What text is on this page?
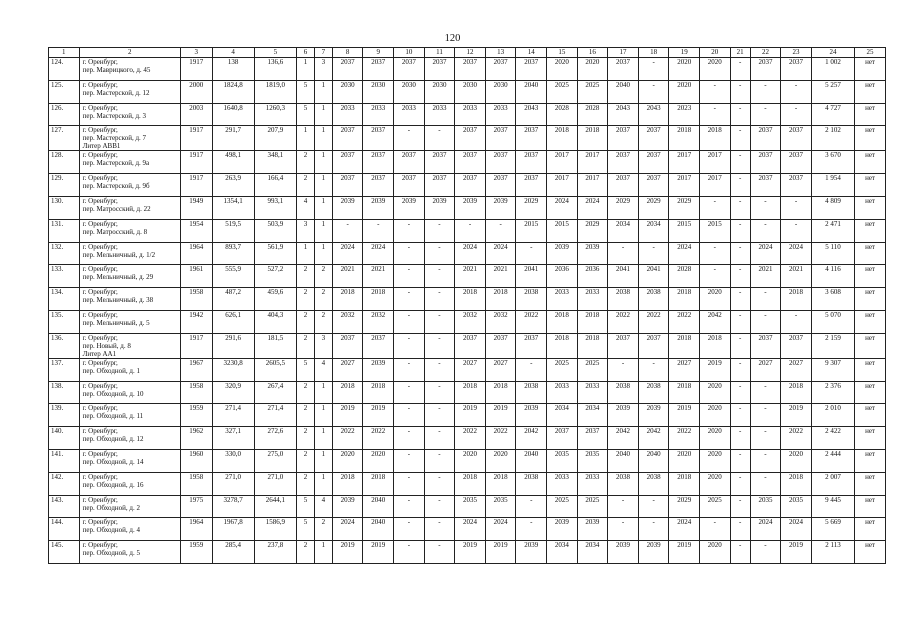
120
1	2	3	4	5	6	7	8	9	10	11	12	13	14	15	16	17	18	19	20	21	22	23	24	25
124.	г. Оренбург,
пер. Маврицкого, д. 45	1917	138	136,6	1	3	2037	2037	2037	2037	2037	2037	2037	2020	2020	2037	-	2020	2020	-	2037	2037	1 002	нет
125.	г. Оренбург,
пер. Мастерской, д. 12	2000	1824,8	1819,0	5	1	2030	2030	2030	2030	2030	2030	2040	2025	2025	2040	-	2020	-	-	-	-	5 257	нет
126.	г. Оренбург,
пер. Мастерской, д. 3	2003	1640,8	1260,3	5	1	2033	2033	2033	2033	2033	2033	2043	2028	2028	2043	2043	2023	-	-	-	-	4 727	нет
127.	г. Оренбург,
пер. Мастерской, д. 7
Литер АВВ1	1917	291,7	207,9	1	1	2037	2037	-	-	2037	2037	2037	2018	2018	2037	2037	2018	2018	-	2037	2037	2 102	нет
128.	г. Оренбург,
пер. Мастерской, д. 9а	1917	498,1	348,1	2	1	2037	2037	2037	2037	2037	2037	2037	2017	2017	2037	2037	2017	2017	-	2037	2037	3 670	нет
129.	г. Оренбург,
пер. Мастерской, д. 9б	1917	263,9	166,4	2	1	2037	2037	2037	2037	2037	2037	2037	2017	2017	2037	2037	2017	2017	-	2037	2037	1 954	нет
130.	г. Оренбург,
пер. Матросский, д. 22	1949	1354,1	993,1	4	1	2039	2039	2039	2039	2039	2039	2029	2024	2024	2029	2029	2029	-	-	-	-	4 809	нет
131.	г. Оренбург,
пер. Матросский, д. 8	1954	519,5	503,9	3	1	-	-	-	-	-	-	2015	2015	2029	2034	2034	2015	2015	-	-	-	2 471	нет
132.	г. Оренбург,
пер. Мельничный, д. 1/2	1964	893,7	561,9	1	1	2024	2024	-	-	2024	2024	-	2039	2039	-	-	2024	-	-	2024	2024	5 110	нет
133.	г. Оренбург,
пер. Мельничный, д. 29	1961	555,9	527,2	2	2	2021	2021	-	-	2021	2021	2041	2036	2036	2041	2041	2028	-	-	2021	2021	4 116	нет
134.	г. Оренбург,
пер. Мельничный, д. 38	1958	487,2	459,6	2	2	2018	2018	-	-	2018	2018	2038	2033	2033	2038	2038	2018	2020	-	-	2018	3 608	нет
135.	г. Оренбург,
пер. Мельничный, д. 5	1942	626,1	404,3	2	2	2032	2032	-	-	2032	2032	2022	2018	2018	2022	2022	2022	2042	-	-	-	5 070	нет
136.	г. Оренбург,
пер. Новый, д. 8
Литер АА1	1917	291,6	181,5	2	3	2037	2037	-	-	2037	2037	2037	2018	2018	2037	2037	2018	2018	-	2037	2037	2 159	нет
137.	г. Оренбург,
пер. Обходной, д. 1	1967	3230,8	2605,5	5	4	2027	2039	-	-	2027	2027	-	2025	2025	-	-	2027	2019	-	2027	2027	9 307	нет
138.	г. Оренбург,
пер. Обходной, д. 10	1958	320,9	267,4	2	1	2018	2018	-	-	2018	2018	2038	2033	2033	2038	2038	2018	2020	-	-	2018	2 376	нет
139.	г. Оренбург,
пер. Обходной, д. 11	1959	271,4	271,4	2	1	2019	2019	-	-	2019	2019	2039	2034	2034	2039	2039	2019	2020	-	-	2019	2 010	нет
140.	г. Оренбург,
пер. Обходной, д. 12	1962	327,1	272,6	2	1	2022	2022	-	-	2022	2022	2042	2037	2037	2042	2042	2022	2020	-	-	2022	2 422	нет
141.	г. Оренбург,
пер. Обходной, д. 14	1960	330,0	275,0	2	1	2020	2020	-	-	2020	2020	2040	2035	2035	2040	2040	2020	2020	-	-	2020	2 444	нет
142.	г. Оренбург,
пер. Обходной, д. 16	1958	271,0	271,0	2	1	2018	2018	-	-	2018	2018	2038	2033	2033	2038	2038	2018	2020	-	-	2018	2 007	нет
143.	г. Оренбург,
пер. Обходной, д. 2	1975	3278,7	2644,1	5	4	2039	2040	-	-	2035	2035	-	2025	2025	-	-	2029	2025	-	2035	2035	9 445	нет
144.	г. Оренбург,
пер. Обходной, д. 4	1964	1967,8	1586,9	5	2	2024	2040	-	-	2024	2024	-	2039	2039	-	-	2024	-	-	2024	2024	5 669	нет
145.	г. Оренбург,
пер. Обходной, д. 5	1959	285,4	237,8	2	1	2019	2019	-	-	2019	2019	2039	2034	2034	2039	2039	2019	2020	-	-	2019	2 113	нет
